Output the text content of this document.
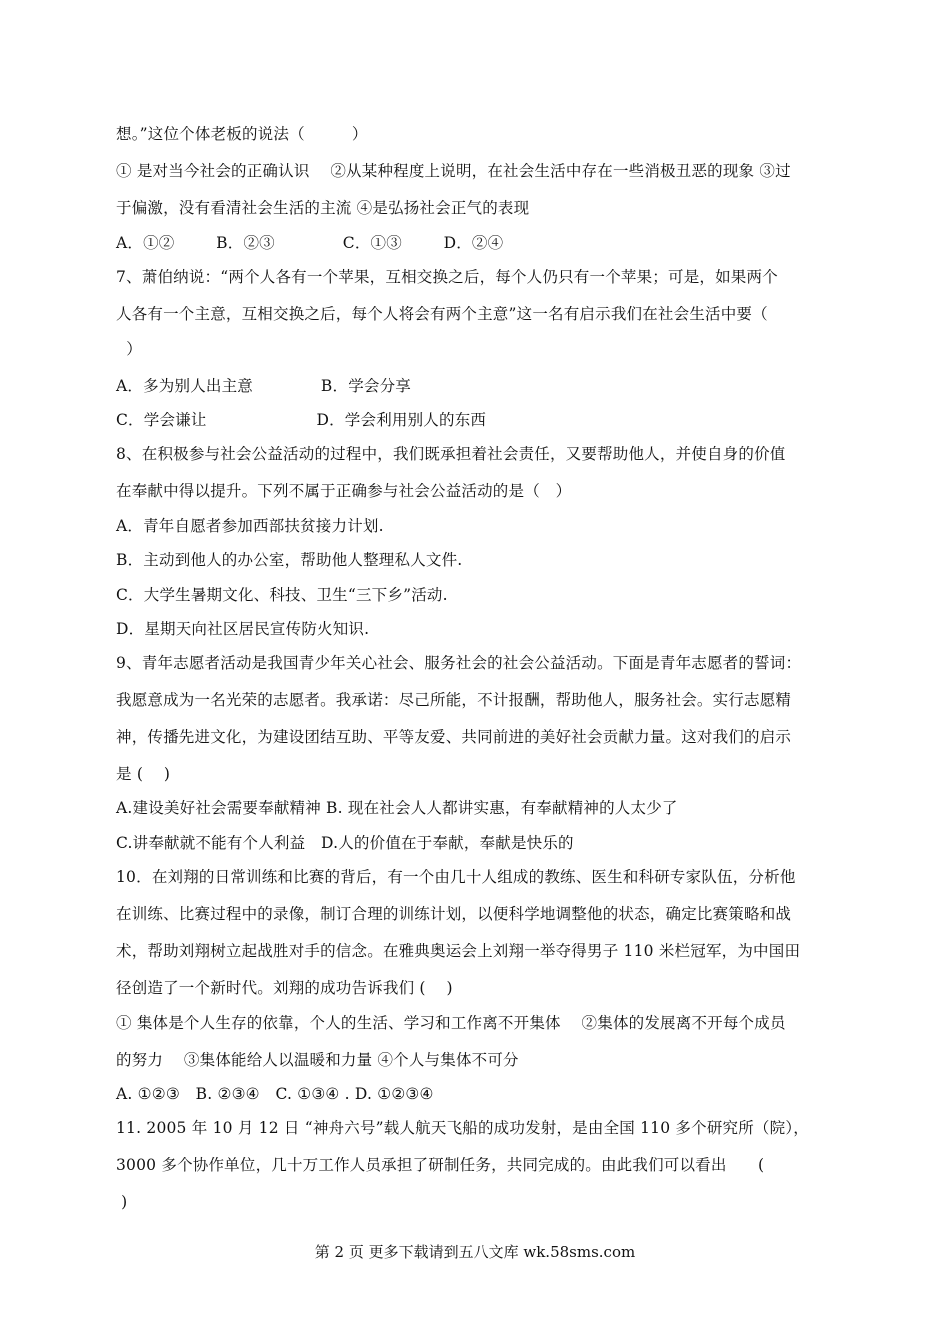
想。”这位个体老板的说法（　　　）
① 是对当今社会的正确认识　 ②从某种程度上说明，在社会生活中存在一些消极丑恶的现象 ③过
于偏激，没有看清社会生活的主流 ④是弘扬社会正气的表现
A．①②　　  B．②③　　　　 C．①③　　  D．②④
7、萧伯纳说：“两个人各有一个苹果，互相交换之后，每个人仍只有一个苹果；可是，如果两个
人各有一个主意，互相交换之后，每个人将会有两个主意”这一名有启示我们在社会生活中要（
）
A．多为别人出主意　　　　 B．学会分享
C．学会谦让　　　　　　　D．学会利用别人的东西
8、在积极参与社会公益活动的过程中，我们既承担着社会责任，又要帮助他人，并使自身的价值
在奉献中得以提升。下列不属于正确参与社会公益活动的是（　）
A．青年自愿者参加西部扶贫接力计划.
B．主动到他人的办公室，帮助他人整理私人文件.
C．大学生暑期文化、科技、卫生“三下乡”活动.
D．星期天向社区居民宣传防火知识.
9、青年志愿者活动是我国青少年关心社会、服务社会的社会公益活动。下面是青年志愿者的誓词：
我愿意成为一名光荣的志愿者。我承诺：尽己所能，不计报酬，帮助他人，服务社会。实行志愿精
神，传播先进文化，为建设团结互助、平等友爱、共同前进的美好社会贡献力量。这对我们的启示
是 (　 )
A.建设美好社会需要奉献精神 B. 现在社会人人都讲实惠，有奉献精神的人太少了
C.讲奉献就不能有个人利益　D.人的价值在于奉献，奉献是快乐的
10．在刘翔的日常训练和比赛的背后，有一个由几十人组成的教练、医生和科研专家队伍，分析他
在训练、比赛过程中的录像，制订合理的训练计划，以便科学地调整他的状态，确定比赛策略和战
术，帮助刘翔树立起战胜对手的信念。在雅典奥运会上刘翔一举夺得男子 110 米栏冠军，为中国田
径创造了一个新时代。刘翔的成功告诉我们 (　 )
① 集体是个人生存的依靠，个人的生活、学习和工作离不开集体　 ②集体的发展离不开每个成员
的努力　 ③集体能给人以温暖和力量 ④个人与集体不可分
A. ①②③　B. ②③④　C. ①③④ . D. ①②③④
11. 2005 年 10 月 12 日 “神舟六号”载人航天飞船的成功发射，是由全国 110 多个研究所（院），
3000 多个协作单位，几十万工作人员承担了研制任务，共同完成的。由此我们可以看出　　(
)
第 2 页 更多下载请到五八文库 wk.58sms.com
